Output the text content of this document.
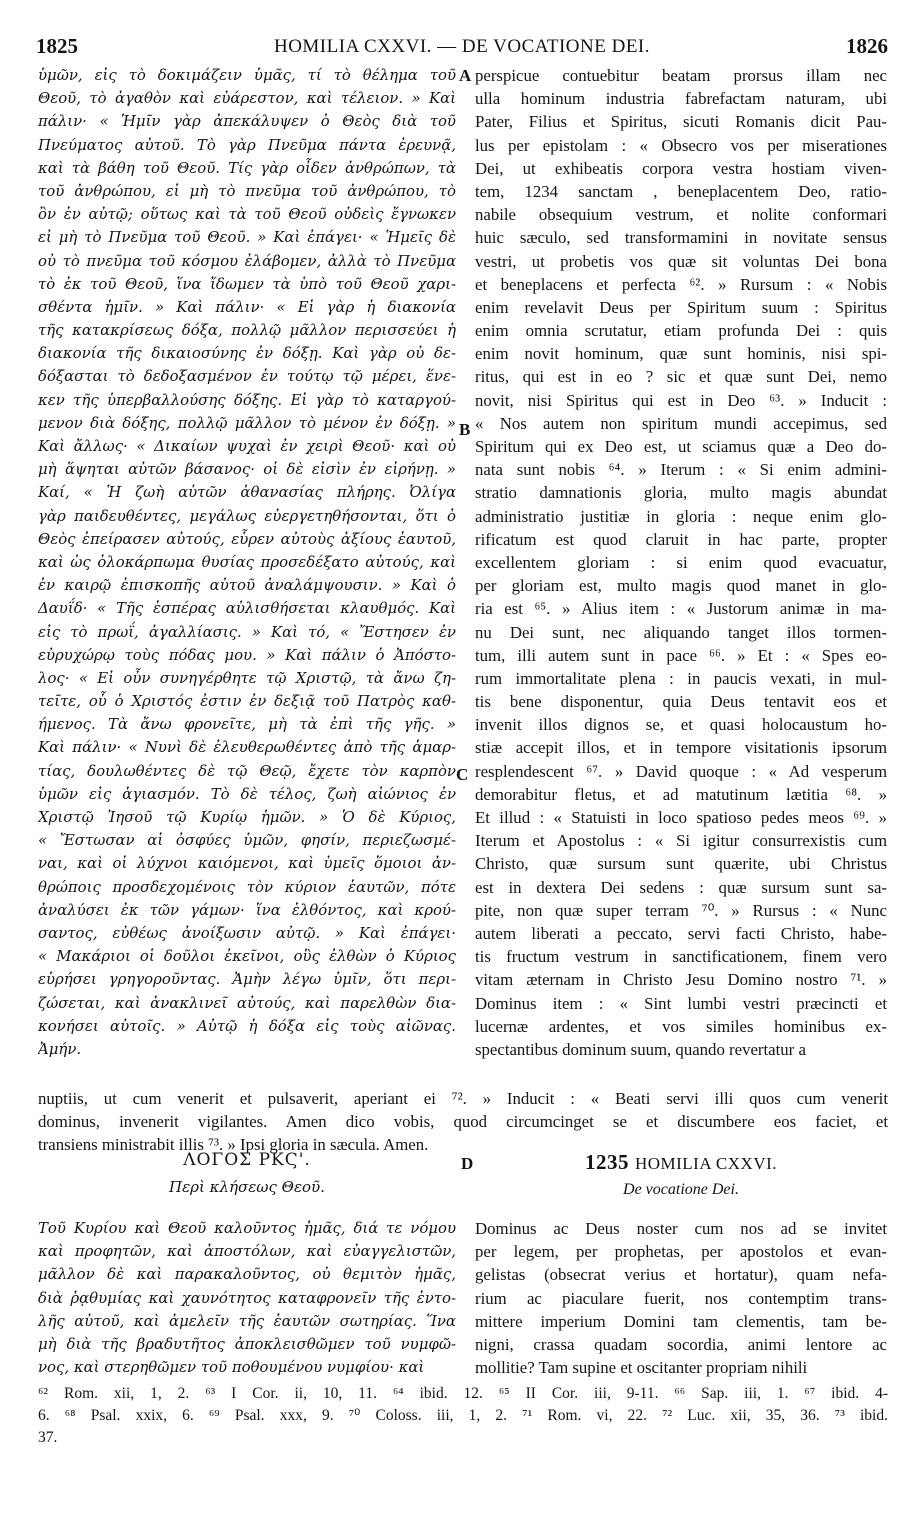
1825	HOMILIA CXXVI. — DE VOCATIONE DEI.	1826
ὑμῶν, εἰς τὸ δοκιμάζειν ὑμᾶς, τί τὸ θέλημα τοῦ
Θεοῦ, τὸ ἀγαθὸν καὶ εὐάρεστον, καὶ τέλειον. » Καὶ
πάλιν· « Ἡμῖν γὰρ ἀπεκάλυψεν ὁ Θεὸς διὰ τοῦ
Πνεύματος αὐτοῦ. Τὸ γὰρ Πνεῦμα πάντα ἐρευνᾷ,
καὶ τὰ βάθη τοῦ Θεοῦ. Τίς γὰρ οἶδεν ἀνθρώπων, τὰ
τοῦ ἀνθρώπου, εἰ μὴ τὸ πνεῦμα τοῦ ἀνθρώπου, τὸ
ὂν ἐν αὐτῷ; οὕτως καὶ τὰ τοῦ Θεοῦ οὐδεὶς ἔγνωκεν
εἰ μὴ τὸ Πνεῦμα τοῦ Θεοῦ. » Καὶ ἐπάγει· « Ἡμεῖς δὲ
οὐ τὸ πνεῦμα τοῦ κόσμου ἐλάβομεν, ἀλλὰ τὸ Πνεῦμα
τὸ ἐκ τοῦ Θεοῦ, ἵνα ἴδωμεν τὰ ὑπὸ τοῦ Θεοῦ χαρι-
σθέντα ἡμῖν. » Καὶ πάλιν· « Εἰ γὰρ ἡ διακονία
τῆς κατακρίσεως δόξα, πολλῷ μᾶλλον περισσεύει ἡ
διακονία τῆς δικαιοσύνης ἐν δόξῃ. Καὶ γὰρ οὐ δε-
δόξασται τὸ δεδοξασμένον ἐν τούτῳ τῷ μέρει, ἕνε-
κεν τῆς ὑπερβαλλούσης δόξης. Εἰ γὰρ τὸ καταργού-
μενον διὰ δόξης, πολλῷ μᾶλλον τὸ μένον ἐν δόξῃ. »
Καὶ ἄλλως· « Δικαίων ψυχαὶ ἐν χειρὶ Θεοῦ· καὶ οὐ
μὴ ἅψηται αὐτῶν βάσανος· οἱ δὲ εἰσὶν ἐν εἰρήνῃ. »
Καί, « Ἡ ζωὴ αὐτῶν ἀθανασίας πλήρης. Ὀλίγα
γὰρ παιδευθέντες, μεγάλως εὐεργετηθήσονται, ὅτι ὁ
Θεὸς ἐπείρασεν αὐτούς, εὗρεν αὐτοὺς ἀξίους ἑαυτοῦ,
καὶ ὡς ὁλοκάρπωμα θυσίας προσεδέξατο αὐτούς, καὶ
ἐν καιρῷ ἐπισκοπῆς αὐτοῦ ἀναλάμψουσιν. » Καὶ ὁ
Δαυΐδ· « Τῆς ἑσπέρας αὐλισθήσεται κλαυθμός. Καὶ
εἰς τὸ πρωΐ, ἀγαλλίασις. » Καὶ τό, « Ἔστησεν ἐν
εὐρυχώρῳ τοὺς πόδας μου. » Καὶ πάλιν ὁ Ἀπόστο-
λος· « Εἰ οὖν συνηγέρθητε τῷ Χριστῷ, τὰ ἄνω ζη-
τεῖτε, οὗ ὁ Χριστός ἐστιν ἐν δεξιᾷ τοῦ Πατρὸς καθ-
ήμενος. Τὰ ἄνω φρονεῖτε, μὴ τὰ ἐπὶ τῆς γῆς. »
Καὶ πάλιν· « Νυνὶ δὲ ἐλευθερωθέντες ἀπὸ τῆς ἁμαρ-
τίας, δουλωθέντες δὲ τῷ Θεῷ, ἔχετε τὸν καρπὸν
ὑμῶν εἰς ἁγιασμόν. Τὸ δὲ τέλος, ζωὴ αἰώνιος ἐν
Χριστῷ Ἰησοῦ τῷ Κυρίῳ ἡμῶν. » Ὁ δὲ Κύριος,
« Ἔστωσαν αἱ ὀσφύες ὑμῶν, φησίν, περιεζωσμέ-
ναι, καὶ οἱ λύχνοι καιόμενοι, καὶ ὑμεῖς ὅμοιοι ἀν-
θρώποις προσδεχομένοις τὸν κύριον ἑαυτῶν, πότε
ἀναλύσει ἐκ τῶν γάμων· ἵνα ἐλθόντος, καὶ κρού-
σαντος, εὐθέως ἀνοίξωσιν αὐτῷ. » Καὶ ἐπάγει·
« Μακάριοι οἱ δοῦλοι ἐκεῖνοι, οὓς ἐλθὼν ὁ Κύριος
εὑρήσει γρηγοροῦντας. Ἀμὴν λέγω ὑμῖν, ὅτι περι-
ζώσεται, καὶ ἀνακλινεῖ αὐτούς, καὶ παρελθὼν δια-
κονήσει αὐτοῖς. » Αὐτῷ ἡ δόξα εἰς τοὺς αἰῶνας.
Ἀμήν.
perspicue contuebitur beatam prorsus illam nec
ulla hominum industria fabrefactam naturam, ubi
Pater, Filius et Spiritus, sicuti Romanis dicit Pau-
lus per epistolam : « Obsecro vos per miserationes
Dei, ut exhibeatis corpora vestra hostiam viven-
tem, 1234 sanctam , beneplacentem Deo, ratio-
nabile obsequium vestrum, et nolite conformari
huic sæculo, sed transformamini in novitate sensus
vestri, ut probetis vos quæ sit voluntas Dei bona
et beneplacens et perfecta ⁶². » Rursum : « Nobis
enim revelavit Deus per Spiritum suum : Spiritus
enim omnia scrutatur, etiam profunda Dei : quis
enim novit hominum, quæ sunt hominis, nisi spi-
ritus, qui est in eo ? sic et quæ sunt Dei, nemo
novit, nisi Spiritus qui est in Deo ⁶³. » Inducit :
« Nos autem non spiritum mundi accepimus, sed
Spiritum qui ex Deo est, ut sciamus quæ a Deo do-
nata sunt nobis ⁶⁴. » Iterum : « Si enim admini-
stratio damnationis gloria, multo magis abundat
administratio justitiæ in gloria : neque enim glo-
rificatum est quod claruit in hac parte, propter
excellentem gloriam : si enim quod evacuatur,
per gloriam est, multo magis quod manet in glo-
ria est ⁶⁵. » Alius item : « Justorum animæ in ma-
nu Dei sunt, nec aliquando tanget illos tormen-
tum, illi autem sunt in pace ⁶⁶. » Et : « Spes eo-
rum immortalitate plena : in paucis vexati, in mul-
tis bene disponentur, quia Deus tentavit eos et
invenit illos dignos se, et quasi holocaustum ho-
stiæ accepit illos, et in tempore visitationis ipsorum
resplendescent ⁶⁷. » David quoque : « Ad vesperum
demorabitur fletus, et ad matutinum lætitia ⁶⁸. »
Et illud : « Statuisti in loco spatioso pedes meos ⁶⁹. »
Iterum et Apostolus : « Si igitur consurrexistis cum
Christo, quæ sursum sunt quærite, ubi Christus
est in dextera Dei sedens : quæ sursum sunt sa-
pite, non quæ super terram ⁷⁰. » Rursus : « Nunc
autem liberati a peccato, servi facti Christo, habe-
tis fructum vestrum in sanctificationem, finem vero
vitam æternam in Christo Jesu Domino nostro ⁷¹. »
Dominus item : « Sint lumbi vestri præcincti et
lucernæ ardentes, et vos similes hominibus ex-
spectantibus dominum suum, quando revertatur a
A
B
C
D
nuptiis, ut cum venerit et pulsaverit, aperiant ei ⁷². » Inducit : « Beati servi illi quos cum venerit
dominus, invenerit vigilantes. Amen dico vobis, quod circumcinget se et discumbere eos faciet, et
transiens ministrabit illis ⁷³. » Ipsi gloria in sæcula. Amen.
ΛΟΓΟΣ ΡΚϚ'.
Περὶ κλήσεως Θεοῦ.
1235 HOMILIA CXXVI.
De vocatione Dei.
Τοῦ Κυρίου καὶ Θεοῦ καλοῦντος ἡμᾶς, διά τε νόμου
καὶ προφητῶν, καὶ ἀποστόλων, καὶ εὐαγγελιστῶν,
μᾶλλον δὲ καὶ παρακαλοῦντος, οὐ θεμιτὸν ἡμᾶς,
διὰ ῥᾳθυμίας καὶ χαυνότητος καταφρονεῖν τῆς ἐντο-
λῆς αὐτοῦ, καὶ ἀμελεῖν τῆς ἑαυτῶν σωτηρίας. Ἵνα
μὴ διὰ τῆς βραδυτῆτος ἀποκλεισθῶμεν τοῦ νυμφῶ-
νος, καὶ στερηθῶμεν τοῦ ποθουμένου νυμφίου· καὶ
Dominus ac Deus noster cum nos ad se invitet
per legem, per prophetas, per apostolos et evan-
gelistas (obsecrat verius et hortatur), quam nefa-
rium ac piaculare fuerit, nos contemptim trans-
mittere imperium Domini tam clementis, tam be-
nigni, crassa quadam socordia, animi lentore ac
mollitie? Tam supine et oscitanter propriam nihili
⁶² Rom. xii, 1, 2. ⁶³ I Cor. ii, 10, 11. ⁶⁴ ibid. 12. ⁶⁵ II Cor. iii, 9-11. ⁶⁶ Sap. iii, 1. ⁶⁷ ibid. 4-
6. ⁶⁸ Psal. xxix, 6. ⁶⁹ Psal. xxx, 9. ⁷⁰ Coloss. iii, 1, 2. ⁷¹ Rom. vi, 22. ⁷² Luc. xii, 35, 36. ⁷³ ibid.
37.
